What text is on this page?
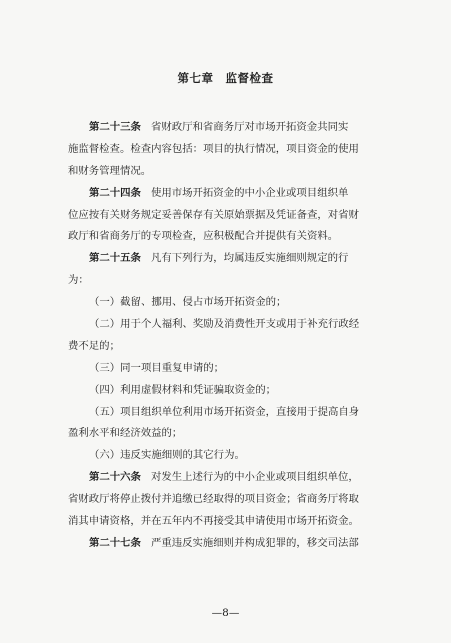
第七章　监督检查
第二十三条 省财政厅和省商务厅对市场开拓资金共同实
施监督检查。检查内容包括：项目的执行情况，项目资金的使用
和财务管理情况。
第二十四条 使用市场开拓资金的中小企业或项目组织单
位应按有关财务规定妥善保存有关原始票据及凭证备查，对省财
政厅和省商务厅的专项检查，应积极配合并提供有关资料。
第二十五条 凡有下列行为，均属违反实施细则规定的行
为：
（一）截留、挪用、侵占市场开拓资金的；
（二）用于个人福利、奖励及消费性开支或用于补充行政经
费不足的；
（三）同一项目重复申请的；
（四）利用虚假材料和凭证骗取资金的；
（五）项目组织单位利用市场开拓资金，直接用于提高自身
盈利水平和经济效益的；
（六）违反实施细则的其它行为。
第二十六条 对发生上述行为的中小企业或项目组织单位，
省财政厅将停止拨付并追缴已经取得的项目资金；省商务厅将取
消其申请资格，并在五年内不再接受其申请使用市场开拓资金。
第二十七条 严重违反实施细则并构成犯罪的，移交司法部
—8—
